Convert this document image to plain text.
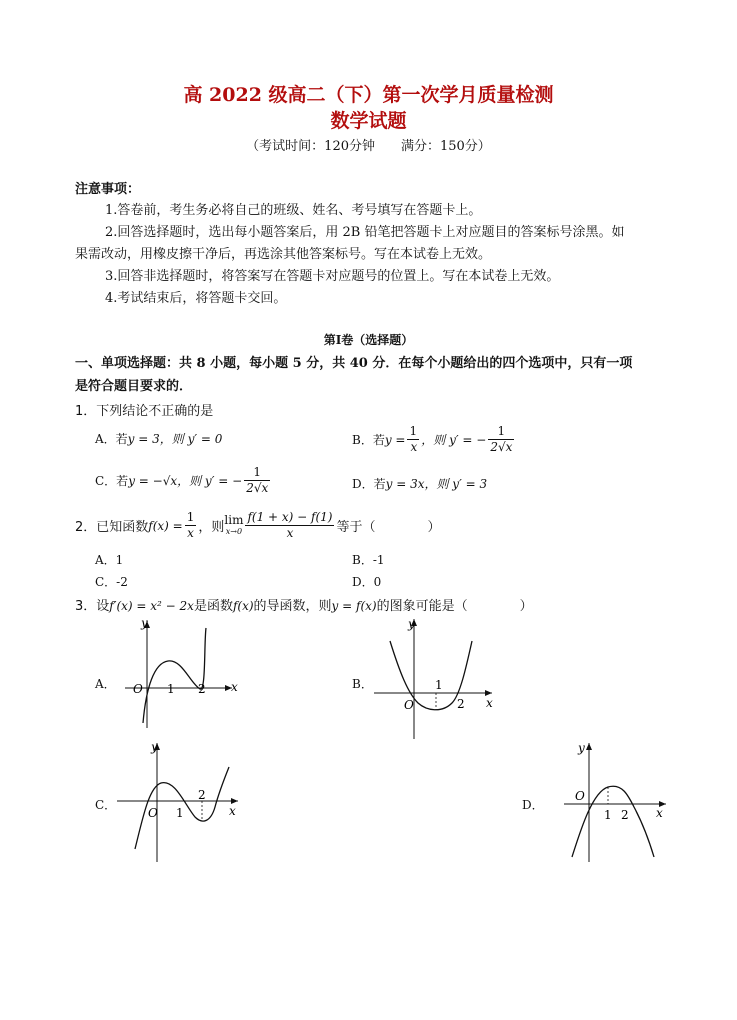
高 2022 级高二（下）第一次学月质量检测
数学试题
（考试时间：120分钟　　满分：150分）
注意事项：
1.答卷前，考生务必将自己的班级、姓名、考号填写在答题卡上。
2.回答选择题时，选出每小题答案后，用 2B 铅笔把答题卡上对应题目的答案标号涂黑。如
果需改动，用橡皮擦干净后，再选涂其他答案标号。写在本试卷上无效。
3.回答非选择题时，将答案写在答题卡对应题号的位置上。写在本试卷上无效。
4.考试结束后，将答题卡交回。
第Ⅰ卷（选择题）
一、单项选择题：共 8 小题，每小题 5 分，共 40 分．在每个小题给出的四个选项中，只有一项
是符合题目要求的．
1．下列结论不正确的是
A．若y = 3，则 y′ = 0	B．若 $y = \frac{1}{x}$ ，则 y′ = − $\frac{1}{2√x}$
C．若 y = −√x，则 y′ = − $\frac{1}{2√x}$	D．若y = 3x，则 y′ = 3
2．已知函数 $f(x) = \frac{1}{x}$ ，则
lim
$x\to 0 \frac{f(1 + x) - f(1)}{x}$ 等于（　　　　）
A．1	B．-1
C．-2	D．0
3．设f′(x) = x² − 2x是函数f(x)的导函数，则y = f(x)的图象可能是（　　　　）
A．	B．
C．	D．
x
y
O 1 2
x
y
O
1
2
x
y
O 1
2
x
y
O
1 2
